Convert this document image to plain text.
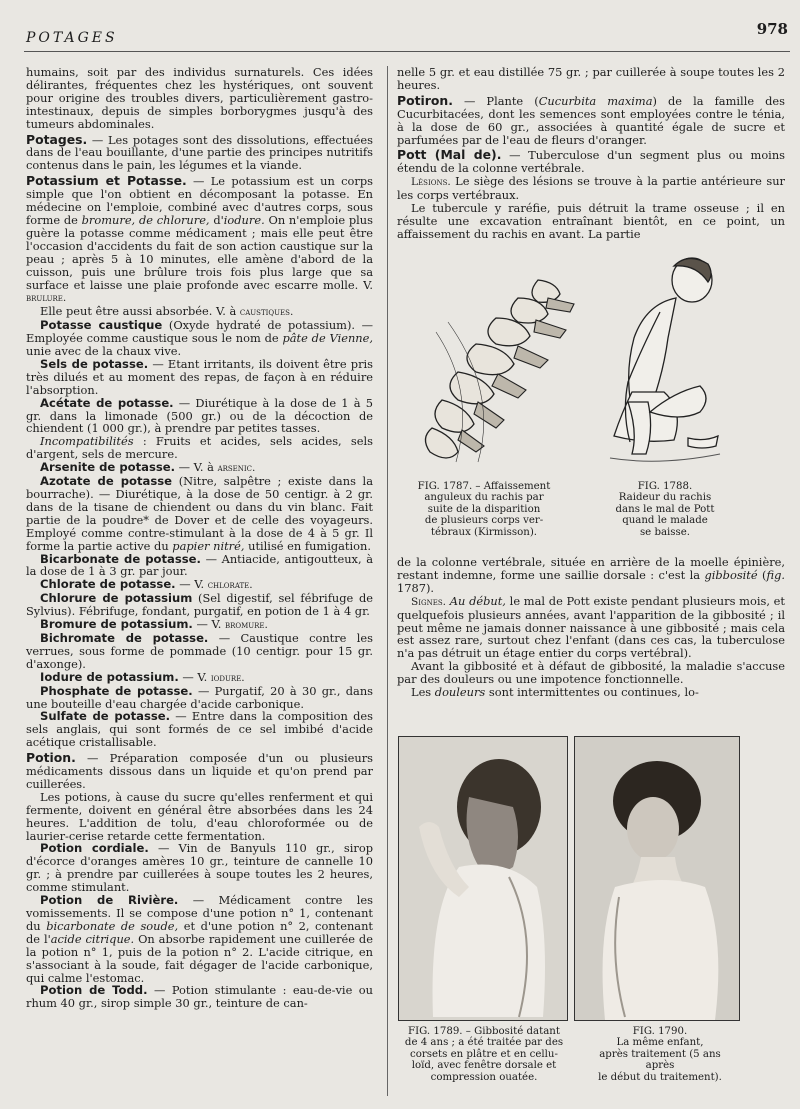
POTAGES	978

humains, soit par des individus surnaturels. Ces idées délirantes, fréquentes chez les hystériques, ont souvent pour origine des troubles divers, particulièrement gastro-intestinaux, depuis de simples borborygmes jusqu'à des tumeurs abdominales.

Potages. — Les potages sont des dissolutions, effectuées dans de l'eau bouillante, d'une partie des principes nutritifs contenus dans le pain, les légumes et la viande.

Potassium et Potasse. — Le potassium est un corps simple que l'on obtient en décomposant la potasse. En médecine on l'emploie, combiné avec d'autres corps, sous forme de bromure, de chlorure, d'iodure. On n'emploie plus guère la potasse comme médicament ; mais elle peut être l'occasion d'accidents du fait de son action caustique sur la peau ; après 5 à 10 minutes, elle amène d'abord de la cuisson, puis une brûlure trois fois plus large que sa surface et laisse une plaie profonde avec escarre molle. V. brulure.

Elle peut être aussi absorbée. V. à caustiques.

Potasse caustique (Oxyde hydraté de potassium). — Employée comme caustique sous le nom de pâte de Vienne, unie avec de la chaux vive.

Sels de potasse. — Etant irritants, ils doivent être pris très dilués et au moment des repas, de façon à en réduire l'absorption.

Acétate de potasse. — Diurétique à la dose de 1 à 5 gr. dans la limonade (500 gr.) ou de la décoction de chiendent (1 000 gr.), à prendre par petites tasses.

Incompatibilités : Fruits et acides, sels acides, sels d'argent, sels de mercure.

Arsenite de potasse. — V. à arsenic.

Azotate de potasse (Nitre, salpêtre ; existe dans la bourrache). — Diurétique, à la dose de 50 centigr. à 2 gr. dans de la tisane de chiendent ou dans du vin blanc. Fait partie de la poudre* de Dover et de celle des voyageurs. Employé comme contre-stimulant à la dose de 4 à 5 gr. Il forme la partie active du papier nitré, utilisé en fumigation.

Bicarbonate de potasse. — Antiacide, antigoutteux, à la dose de 1 à 3 gr. par jour.

Chlorate de potasse. — V. chlorate.

Chlorure de potassium (Sel digestif, sel fébrifuge de Sylvius). Fébrifuge, fondant, purgatif, en potion de 1 à 4 gr.

Bromure de potassium. — V. bromure.

Bichromate de potasse. — Caustique contre les verrues, sous forme de pommade (10 centigr. pour 15 gr. d'axonge).

Iodure de potassium. — V. iodure.

Phosphate de potasse. — Purgatif, 20 à 30 gr., dans une bouteille d'eau chargée d'acide carbonique.

Sulfate de potasse. — Entre dans la composition des sels anglais, qui sont formés de ce sel imbibé d'acide acétique cristallisable.

Potion. — Préparation composée d'un ou plusieurs médicaments dissous dans un liquide et qu'on prend par cuillerées.

Les potions, à cause du sucre qu'elles renferment et qui fermente, doivent en général être absorbées dans les 24 heures. L'addition de tolu, d'eau chloroformée ou de laurier-cerise retarde cette fermentation.

Potion cordiale. — Vin de Banyuls 110 gr., sirop d'écorce d'oranges amères 10 gr., teinture de cannelle 10 gr. ; à prendre par cuillerées à soupe toutes les 2 heures, comme stimulant.

Potion de Rivière. — Médicament contre les vomissements. Il se compose d'une potion n° 1, contenant du bicarbonate de soude, et d'une potion n° 2, contenant de l'acide citrique. On absorbe rapidement une cuillerée de la potion n° 1, puis de la potion n° 2. L'acide citrique, en s'associant à la soude, fait dégager de l'acide carbonique, qui calme l'estomac.

Potion de Todd. — Potion stimulante : eau-de-vie ou rhum 40 gr., sirop simple 30 gr., teinture de can-

nelle 5 gr. et eau distillée 75 gr. ; par cuillerée à soupe toutes les 2 heures.

Potiron. — Plante (Cucurbita maxima) de la famille des Cucurbitacées, dont les semences sont employées contre le ténia, à la dose de 60 gr., associées à quantité égale de sucre et parfumées par de l'eau de fleurs d'oranger.

Pott (Mal de). — Tuberculose d'un segment plus ou moins étendu de la colonne vertébrale.

Lésions. Le siège des lésions se trouve à la partie antérieure sur les corps vertébraux.

Le tubercule y raréfie, puis détruit la trame osseuse ; il en résulte une excavation entraînant bientôt, en ce point, un affaissement du rachis en avant. La partie

de la colonne vertébrale, située en arrière de la moelle épinière, restant indemne, forme une saillie dorsale : c'est la gibbosité (fig. 1787).

Signes. Au début, le mal de Pott existe pendant plusieurs mois, et quelquefois plusieurs années, avant l'apparition de la gibbosité ; il peut même ne jamais donner naissance à une gibbosité ; mais cela est assez rare, surtout chez l'enfant (dans ces cas, la tuberculose n'a pas détruit un étage entier du corps vertébral).

Avant la gibbosité et à défaut de gibbosité, la maladie s'accuse par des douleurs ou une impotence fonctionnelle.

Les douleurs sont intermittentes ou continues, lo-

FIG. 1787. – Affaissement
anguleux du rachis par
suite de la disparition
de plusieurs corps ver-
tébraux (Kirmisson).
FIG. 1788.
Raideur du rachis
dans le mal de Pott
quand le malade
se baisse.
FIG. 1789. – Gibbosité datant
de 4 ans ; a été traitée par des
corsets en plâtre et en cellu-
loïd, avec fenêtre dorsale et
compression ouatée.
FIG. 1790.
La même enfant,
après traitement (5 ans
après
le début du traitement).
